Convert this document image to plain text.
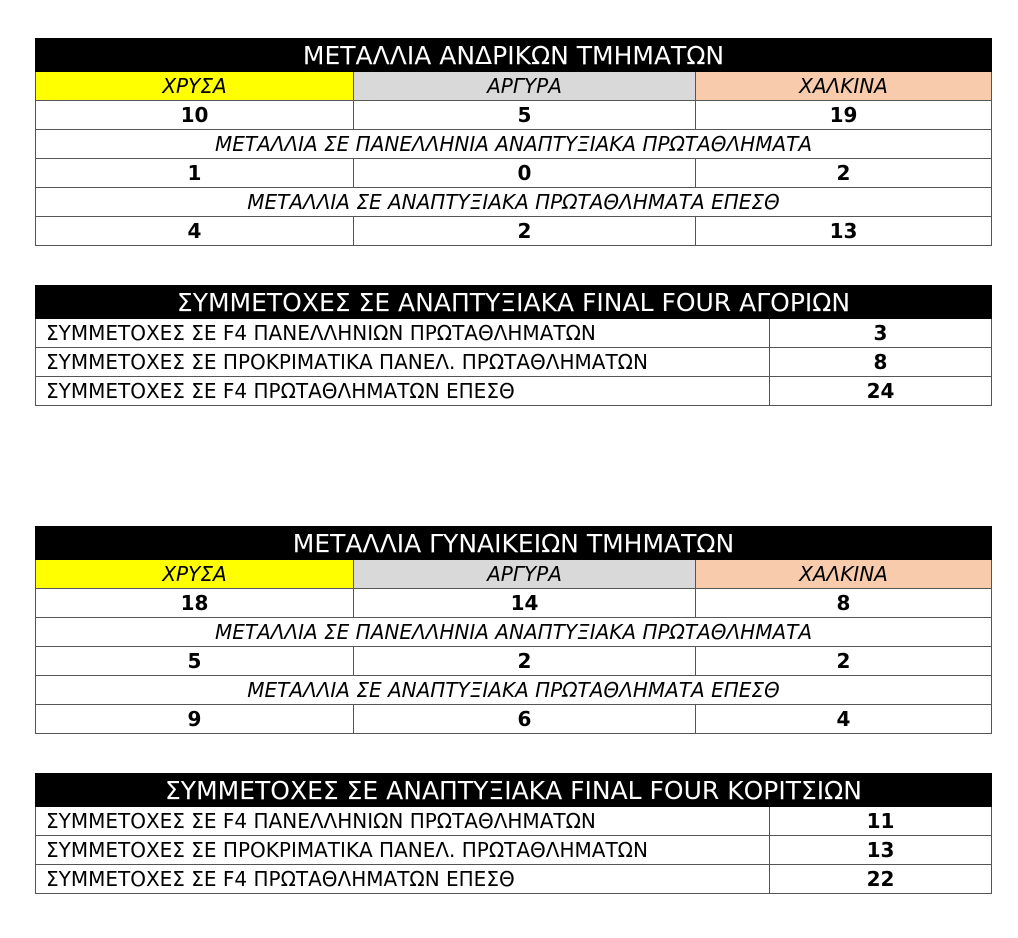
ΜΕΤΑΛΛΙΑ ΑΝΔΡΙΚΩΝ ΤΜΗΜΑΤΩΝ		
ΧΡΥΣΑ	ΑΡΓΥΡΑ	ΧΑΛΚΙΝΑ
10	5	19
ΜΕΤΑΛΛΙΑ ΣΕ ΠΑΝΕΛΛΗΝΙΑ ΑΝΑΠΤΥΞΙΑΚΑ ΠΡΩΤΑΘΛΗΜΑΤΑ		
1	0	2
ΜΕΤΑΛΛΙΑ ΣΕ ΑΝΑΠΤΥΞΙΑΚΑ ΠΡΩΤΑΘΛΗΜΑΤΑ ΕΠΕΣΘ		
4	2	13
ΣΥΜΜΕΤΟΧΕΣ ΣΕ ΑΝΑΠΤΥΞΙΑΚΑ FINAL FOUR ΑΓΟΡΙΩΝ	
ΣΥΜΜΕΤΟΧΕΣ ΣΕ F4 ΠΑΝΕΛΛΗΝΙΩΝ ΠΡΩΤΑΘΛΗΜΑΤΩΝ	3
ΣΥΜΜΕΤΟΧΕΣ ΣΕ ΠΡΟΚΡΙΜΑΤΙΚΑ ΠΑΝΕΛ. ΠΡΩΤΑΘΛΗΜΑΤΩΝ	8
ΣΥΜΜΕΤΟΧΕΣ ΣΕ F4 ΠΡΩΤΑΘΛΗΜΑΤΩΝ ΕΠΕΣΘ	24
ΜΕΤΑΛΛΙΑ ΓΥΝΑΙΚΕΙΩΝ ΤΜΗΜΑΤΩΝ		
ΧΡΥΣΑ	ΑΡΓΥΡΑ	ΧΑΛΚΙΝΑ
18	14	8
ΜΕΤΑΛΛΙΑ ΣΕ ΠΑΝΕΛΛΗΝΙΑ ΑΝΑΠΤΥΞΙΑΚΑ ΠΡΩΤΑΘΛΗΜΑΤΑ		
5	2	2
ΜΕΤΑΛΛΙΑ ΣΕ ΑΝΑΠΤΥΞΙΑΚΑ ΠΡΩΤΑΘΛΗΜΑΤΑ ΕΠΕΣΘ		
9	6	4
ΣΥΜΜΕΤΟΧΕΣ ΣΕ ΑΝΑΠΤΥΞΙΑΚΑ FINAL FOUR ΚΟΡΙΤΣΙΩΝ	
ΣΥΜΜΕΤΟΧΕΣ ΣΕ F4 ΠΑΝΕΛΛΗΝΙΩΝ ΠΡΩΤΑΘΛΗΜΑΤΩΝ	11
ΣΥΜΜΕΤΟΧΕΣ ΣΕ ΠΡΟΚΡΙΜΑΤΙΚΑ ΠΑΝΕΛ. ΠΡΩΤΑΘΛΗΜΑΤΩΝ	13
ΣΥΜΜΕΤΟΧΕΣ ΣΕ F4 ΠΡΩΤΑΘΛΗΜΑΤΩΝ ΕΠΕΣΘ	22
